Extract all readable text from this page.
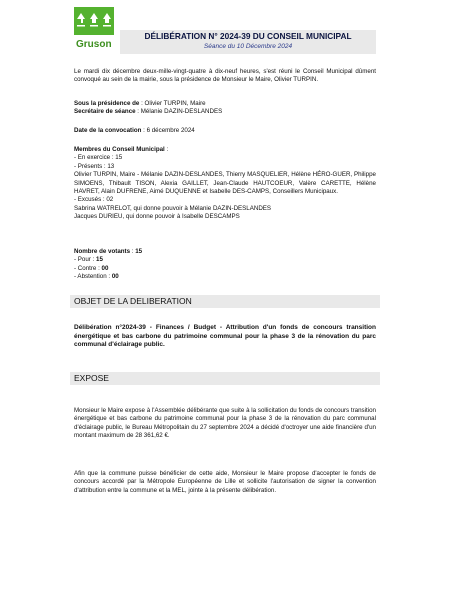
Gruson
DÉLIBÉRATION N° 2024-39 DU CONSEIL MUNICIPAL
Séance du 10 Décembre 2024

Le mardi dix décembre deux-mille-vingt-quatre à dix-neuf heures, s'est réuni le Conseil Municipal dûment convoqué au sein de la mairie, sous la présidence de Monsieur le Maire, Olivier TURPIN.

Sous la présidence de : Olivier TURPIN, Maire

Secrétaire de séance : Mélanie DAZIN-DESLANDES

Date de la convocation : 6 décembre 2024

Membres du Conseil Municipal :

- En exercice : 15

- Présents : 13

Olivier TURPIN, Maire - Mélanie DAZIN-DESLANDES, Thierry MASQUELIER, Hélène HÉRO-GUER, Philippe SIMOENS, Thibault TISON, Alexia GAILLET, Jean-Claude HAUTCOEUR, Valère CARETTE, Hélène HAVRET, Alain DUFRENE, Aimé DUQUENNE et Isabelle DES-CAMPS, Conseillers Municipaux.

- Excusés : 02

Sabrina WATRELOT, qui donne pouvoir à Mélanie DAZIN-DESLANDES

Jacques DURIEU, qui donne pouvoir à Isabelle DESCAMPS

Nombre de votants : 15

- Pour : 15

- Contre : 00

- Abstention : 00

OBJET DE LA DELIBERATION
Délibération n°2024-39 - Finances / Budget - Attribution d'un fonds de concours transition énergétique et bas carbone du patrimoine communal pour la phase 3 de la rénovation du parc communal d'éclairage public.
EXPOSE

Monsieur le Maire expose à l'Assemblée délibérante que suite à la sollicitation du fonds de concours transition énergétique et bas carbone du patrimoine communal pour la phase 3 de la rénovation du parc communal d'éclairage public, le Bureau Métropolitain du 27 septembre 2024 a décidé d'octroyer une aide financière d'un montant maximum de 28 361,62 €.

Afin que la commune puisse bénéficier de cette aide, Monsieur le Maire propose d'accepter le fonds de concours accordé par la Métropole Européenne de Lille et sollicite l'autorisation de signer la convention d'attribution entre la commune et la MEL, jointe à la présente délibération.
